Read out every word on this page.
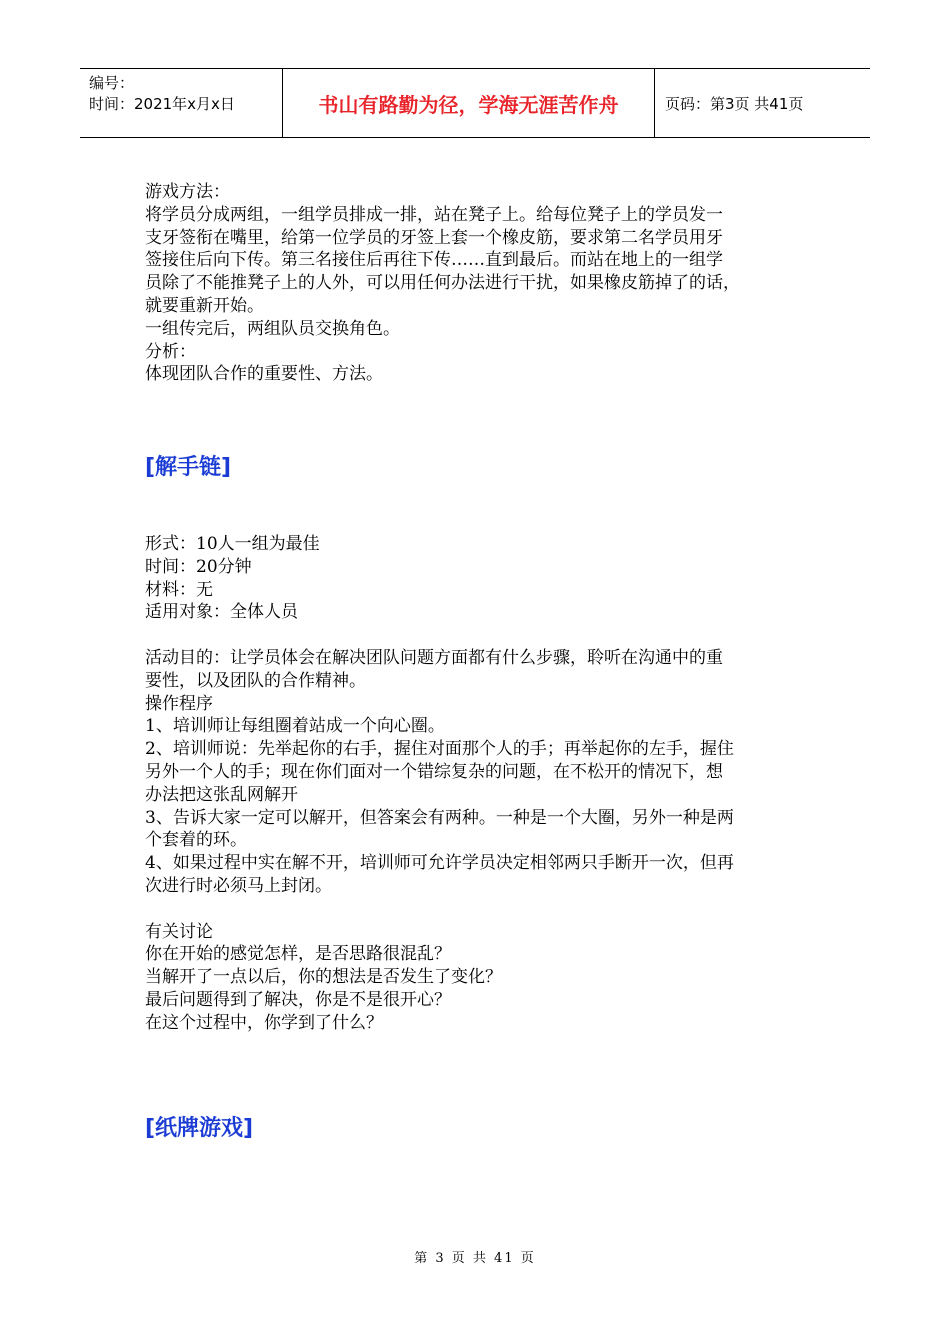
编号：
时间：2021年x月x日	书山有路勤为径，学海无涯苦作舟	页码：第3页 共41页

游戏方法：

将学员分成两组，一组学员排成一排，站在凳子上。给每位凳子上的学员发一

支牙签衔在嘴里，给第一位学员的牙签上套一个橡皮筋，要求第二名学员用牙

签接住后向下传。第三名接住后再往下传……直到最后。而站在地上的一组学

员除了不能推凳子上的人外，可以用任何办法进行干扰，如果橡皮筋掉了的话，

就要重新开始。

一组传完后，两组队员交换角色。

分析：

体现团队合作的重要性、方法。

[解手链]

形式：10人一组为最佳

时间：20分钟

材料：无

适用对象：全体人员

活动目的：让学员体会在解决团队问题方面都有什么步骤，聆听在沟通中的重

要性，以及团队的合作精神。

操作程序

1、培训师让每组圈着站成一个向心圈。

2、培训师说：先举起你的右手，握住对面那个人的手；再举起你的左手，握住

另外一个人的手；现在你们面对一个错综复杂的问题，在不松开的情况下，想

办法把这张乱网解开

3、告诉大家一定可以解开，但答案会有两种。一种是一个大圈，另外一种是两

个套着的环。

4、如果过程中实在解不开，培训师可允许学员决定相邻两只手断开一次，但再

次进行时必须马上封闭。

有关讨论

你在开始的感觉怎样，是否思路很混乱？

当解开了一点以后，你的想法是否发生了变化？

最后问题得到了解决，你是不是很开心？

在这个过程中，你学到了什么？

[纸牌游戏]
第 3 页 共 41 页
